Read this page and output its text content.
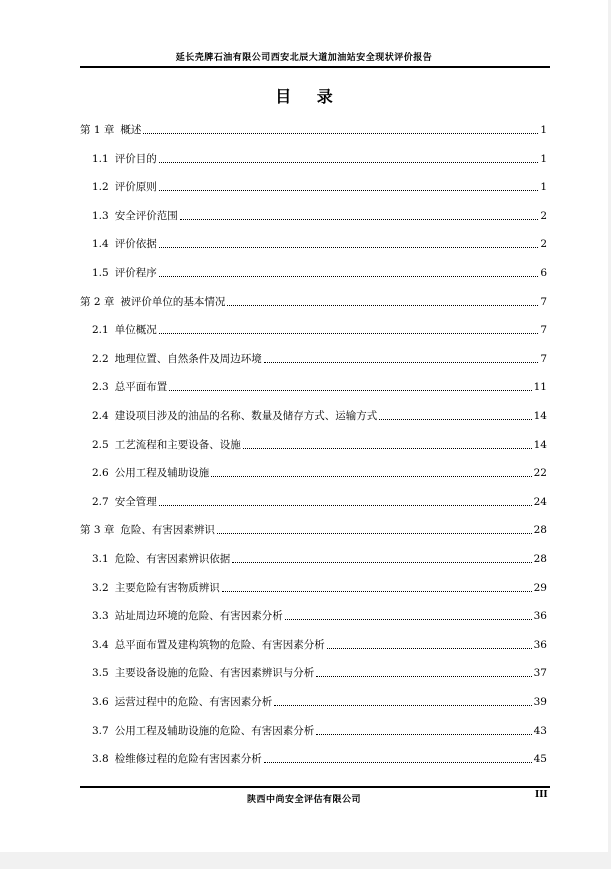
延长壳牌石油有限公司西安北辰大道加油站安全现状评价报告
目 录
第 1 章 概述	1
1.1 评价目的	1
1.2 评价原则	1
1.3 安全评价范围	2
1.4 评价依据	2
1.5 评价程序	6
第 2 章 被评价单位的基本情况	7
2.1 单位概况	7
2.2 地理位置、自然条件及周边环境	7
2.3 总平面布置	11
2.4 建设项目涉及的油品的名称、数量及储存方式、运输方式	14
2.5 工艺流程和主要设备、设施	14
2.6 公用工程及辅助设施	22
2.7 安全管理	24
第 3 章 危险、有害因素辨识	28
3.1 危险、有害因素辨识依据	28
3.2 主要危险有害物质辨识	29
3.3 站址周边环境的危险、有害因素分析	36
3.4 总平面布置及建构筑物的危险、有害因素分析	36
3.5 主要设备设施的危险、有害因素辨识与分析	37
3.6 运营过程中的危险、有害因素分析	39
3.7 公用工程及辅助设施的危险、有害因素分析	43
3.8 检维修过程的危险有害因素分析	45
陕西中尚安全评估有限公司	III
